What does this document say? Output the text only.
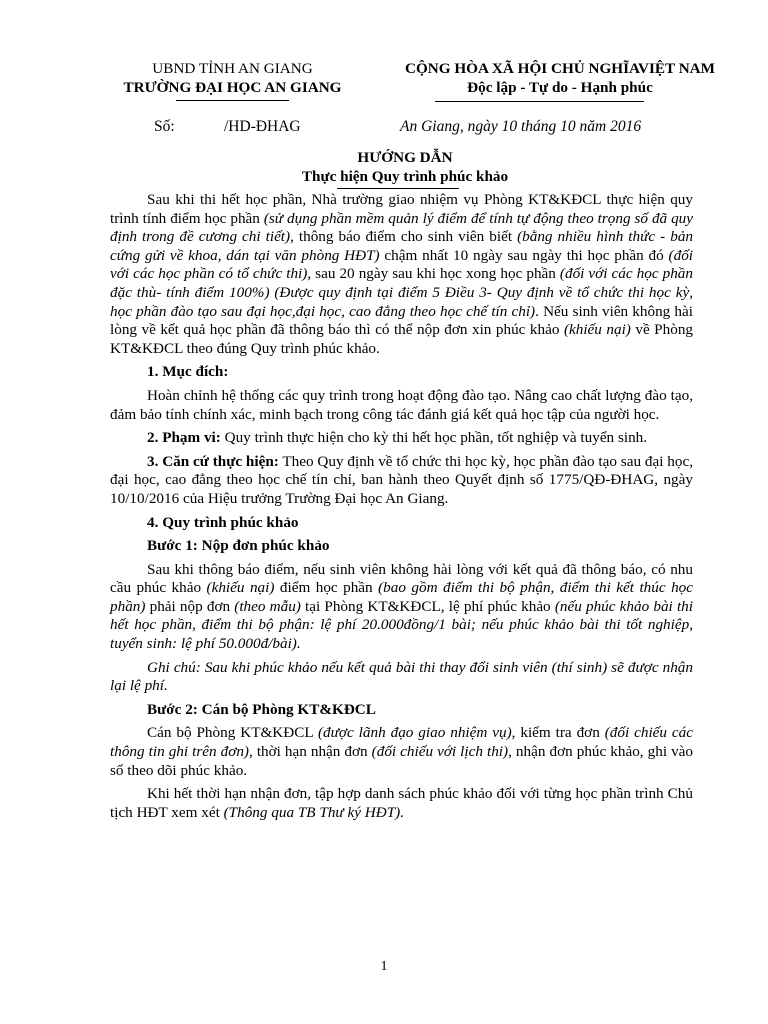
UBND TỈNH AN GIANG
TRƯỜNG ĐẠI HỌC AN GIANG
CỘNG HÒA XÃ HỘI CHỦ NGHĨAVIỆT NAM
Độc lập - Tự do - Hạnh phúc
Số:	/HD-ĐHAG	An Giang, ngày 10 tháng 10 năm 2016
HƯỚNG DẪN
Thực hiện Quy trình phúc khảo

Sau khi thi hết học phần, Nhà trường giao nhiệm vụ Phòng KT&KĐCL thực hiện quy trình tính điểm học phần (sử dụng phần mềm quản lý điểm để tính tự động theo trọng số đã quy định trong đề cương chi tiết), thông báo điểm cho sinh viên biết (bằng nhiều hình thức - bản cứng gửi về khoa, dán tại văn phòng HĐT) chậm nhất 10 ngày sau ngày thi học phần đó (đối với các học phần có tổ chức thi), sau 20 ngày sau khi học xong học phần (đối với các học phần đặc thù- tính điểm 100%) (Được quy định tại điểm 5 Điều 3- Quy định về tổ chức thi học kỳ, học phần đào tạo sau đại học,đại học, cao đẳng theo học chế tín chỉ). Nếu sinh viên không hài lòng về kết quả học phần đã thông báo thì có thể nộp đơn xin phúc khảo (khiếu nại) về Phòng KT&KĐCL theo đúng Quy trình phúc khảo.

1. Mục đích:

Hoàn chỉnh hệ thống các quy trình trong hoạt động đào tạo. Nâng cao chất lượng đào tạo, đảm bảo tính chính xác, minh bạch trong công tác đánh giá kết quả học tập của người học.

2. Phạm vi: Quy trình thực hiện cho kỳ thi hết học phần, tốt nghiệp và tuyển sinh.

3. Căn cứ thực hiện: Theo Quy định về tổ chức thi học kỳ, học phần đào tạo sau đại học, đại học, cao đẳng theo học chế tín chỉ, ban hành theo Quyết định số 1775/QĐ-ĐHAG, ngày 10/10/2016 của Hiệu trưởng Trường Đại học An Giang.

4. Quy trình phúc khảo

Bước 1: Nộp đơn phúc khảo

Sau khi thông báo điểm, nếu sinh viên không hài lòng với kết quả đã thông báo, có nhu cầu phúc khảo (khiếu nại) điểm học phần (bao gồm điểm thi bộ phận, điểm thi kết thúc học phần) phải nộp đơn (theo mẫu) tại Phòng KT&KĐCL, lệ phí phúc khảo (nếu phúc khảo bài thi hết học phần, điểm thi bộ phận: lệ phí 20.000đồng/1 bài; nếu phúc khảo bài thi tốt nghiệp, tuyển sinh: lệ phí 50.000đ/bài).

Ghi chú: Sau khi phúc khảo nếu kết quả bài thi thay đổi sinh viên (thí sinh) sẽ được nhận lại lệ phí.

Bước 2: Cán bộ Phòng KT&KĐCL

Cán bộ Phòng KT&KĐCL (được lãnh đạo giao nhiệm vụ), kiểm tra đơn (đối chiếu các thông tin ghi trên đơn), thời hạn nhận đơn (đối chiếu với lịch thi), nhận đơn phúc khảo, ghi vào sổ theo dõi phúc khảo.

Khi hết thời hạn nhận đơn, tập hợp danh sách phúc khảo đối với từng học phần trình Chủ tịch HĐT xem xét (Thông qua TB Thư ký HĐT).

1
